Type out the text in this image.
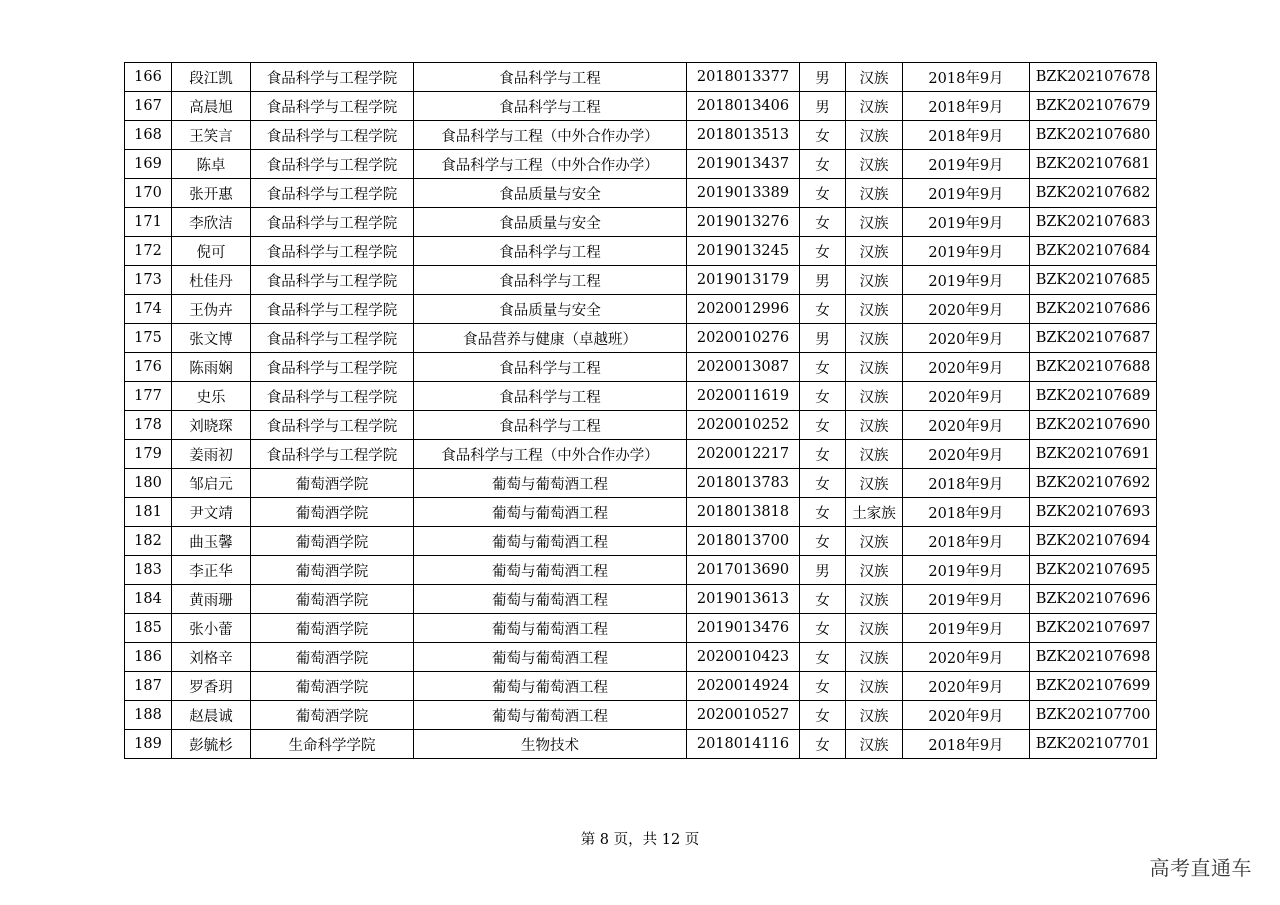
166	段江凯	食品科学与工程学院	食品科学与工程	2018013377	男	汉族	2018年9月	BZK202107678
167	高晨旭	食品科学与工程学院	食品科学与工程	2018013406	男	汉族	2018年9月	BZK202107679
168	王笑言	食品科学与工程学院	食品科学与工程（中外合作办学）	2018013513	女	汉族	2018年9月	BZK202107680
169	陈卓	食品科学与工程学院	食品科学与工程（中外合作办学）	2019013437	女	汉族	2019年9月	BZK202107681
170	张开惠	食品科学与工程学院	食品质量与安全	2019013389	女	汉族	2019年9月	BZK202107682
171	李欣洁	食品科学与工程学院	食品质量与安全	2019013276	女	汉族	2019年9月	BZK202107683
172	倪可	食品科学与工程学院	食品科学与工程	2019013245	女	汉族	2019年9月	BZK202107684
173	杜佳丹	食品科学与工程学院	食品科学与工程	2019013179	男	汉族	2019年9月	BZK202107685
174	王伪卉	食品科学与工程学院	食品质量与安全	2020012996	女	汉族	2020年9月	BZK202107686
175	张文博	食品科学与工程学院	食品营养与健康（卓越班）	2020010276	男	汉族	2020年9月	BZK202107687
176	陈雨娴	食品科学与工程学院	食品科学与工程	2020013087	女	汉族	2020年9月	BZK202107688
177	史乐	食品科学与工程学院	食品科学与工程	2020011619	女	汉族	2020年9月	BZK202107689
178	刘晓琛	食品科学与工程学院	食品科学与工程	2020010252	女	汉族	2020年9月	BZK202107690
179	姜雨初	食品科学与工程学院	食品科学与工程（中外合作办学）	2020012217	女	汉族	2020年9月	BZK202107691
180	邹启元	葡萄酒学院	葡萄与葡萄酒工程	2018013783	女	汉族	2018年9月	BZK202107692
181	尹文靖	葡萄酒学院	葡萄与葡萄酒工程	2018013818	女	土家族	2018年9月	BZK202107693
182	曲玉馨	葡萄酒学院	葡萄与葡萄酒工程	2018013700	女	汉族	2018年9月	BZK202107694
183	李正华	葡萄酒学院	葡萄与葡萄酒工程	2017013690	男	汉族	2019年9月	BZK202107695
184	黄雨珊	葡萄酒学院	葡萄与葡萄酒工程	2019013613	女	汉族	2019年9月	BZK202107696
185	张小蕾	葡萄酒学院	葡萄与葡萄酒工程	2019013476	女	汉族	2019年9月	BZK202107697
186	刘格辛	葡萄酒学院	葡萄与葡萄酒工程	2020010423	女	汉族	2020年9月	BZK202107698
187	罗香玥	葡萄酒学院	葡萄与葡萄酒工程	2020014924	女	汉族	2020年9月	BZK202107699
188	赵晨诚	葡萄酒学院	葡萄与葡萄酒工程	2020010527	女	汉族	2020年9月	BZK202107700
189	彭毓杉	生命科学学院	生物技术	2018014116	女	汉族	2018年9月	BZK202107701
第 8 页，共 12 页
高考直通车
